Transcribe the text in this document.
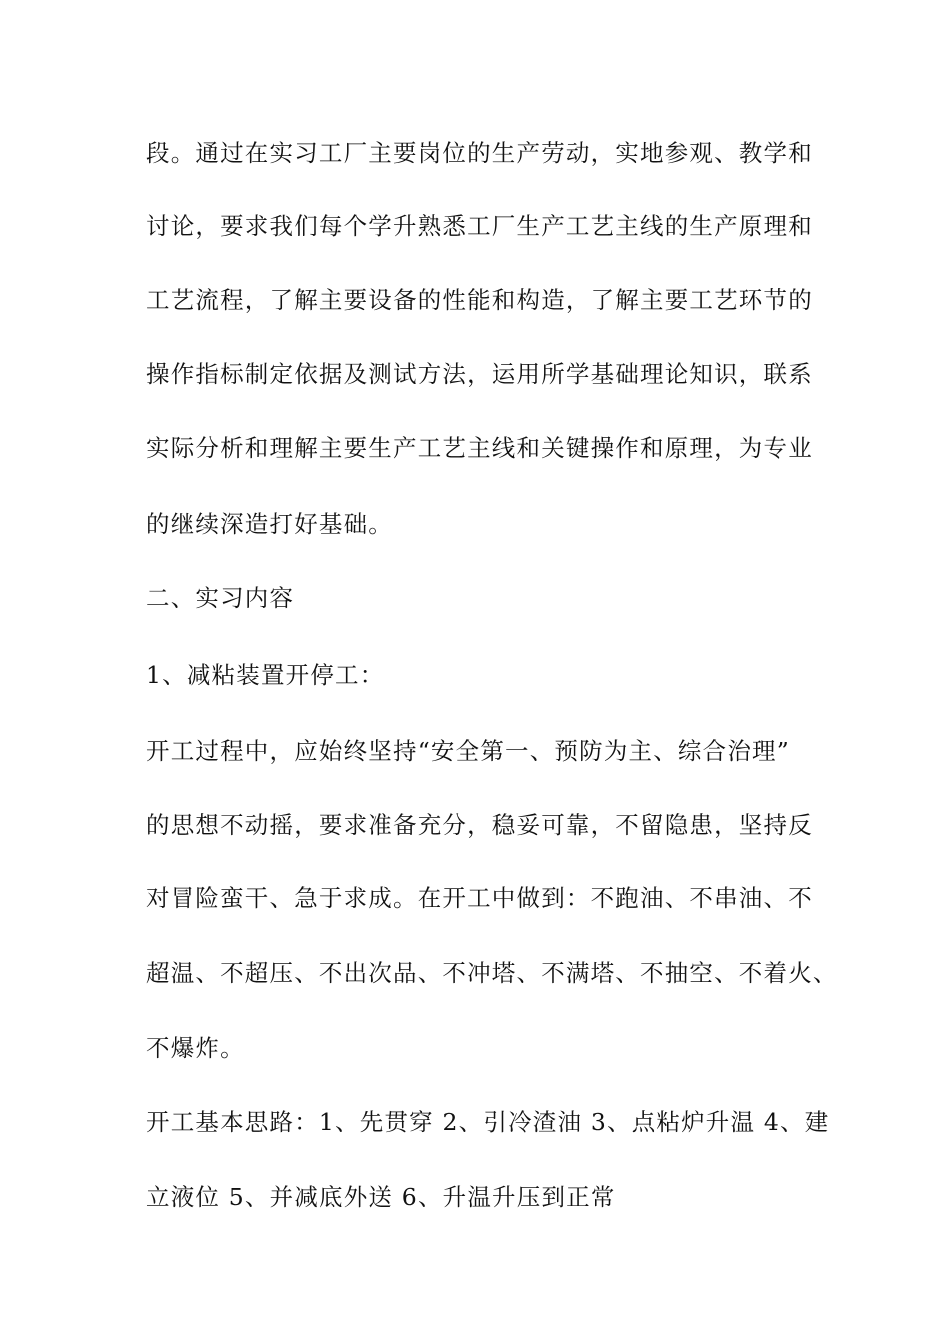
段。通过在实习工厂主要岗位的生产劳动，实地参观、教学和
讨论，要求我们每个学升熟悉工厂生产工艺主线的生产原理和
工艺流程，了解主要设备的性能和构造，了解主要工艺环节的
操作指标制定依据及测试方法，运用所学基础理论知识，联系
实际分析和理解主要生产工艺主线和关键操作和原理，为专业
的继续深造打好基础。
二、实习内容
1、减粘装置开停工：
开工过程中，应始终坚持“安全第一、预防为主、综合治理”
的思想不动摇，要求准备充分，稳妥可靠，不留隐患，坚持反
对冒险蛮干、急于求成。在开工中做到：不跑油、不串油、不
超温、不超压、不出次品、不冲塔、不满塔、不抽空、不着火、
不爆炸。
开工基本思路：1、先贯穿 2、引冷渣油 3、点粘炉升温 4、建
立液位 5、并减底外送 6、升温升压到正常
